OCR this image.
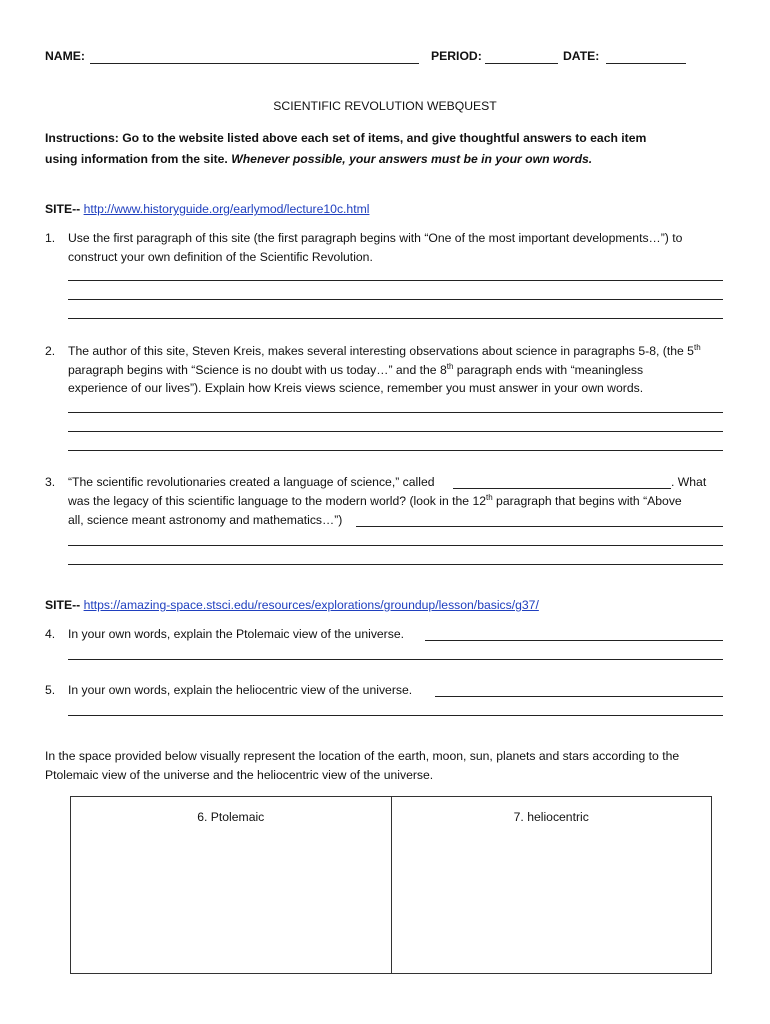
NAME:	PERIOD:	DATE:
SCIENTIFIC REVOLUTION WEBQUEST
Instructions: Go to the website listed above each set of items, and give thoughtful answers to each item
using information from the site. Whenever possible, your answers must be in your own words.
SITE-- http://www.historyguide.org/earlymod/lecture10c.html
1. Use the first paragraph of this site (the first paragraph begins with “One of the most important developments…”) to
construct your own definition of the Scientific Revolution.
2. The author of this site, Steven Kreis, makes several interesting observations about science in paragraphs 5-8, (the 5th
paragraph begins with “Science is no doubt with us today…” and the 8th paragraph ends with “meaningless
experience of our lives”). Explain how Kreis views science, remember you must answer in your own words.
3. “The scientific revolutionaries created a language of science,” called	. What
was the legacy of this scientific language to the modern world? (look in the 12th paragraph that begins with “Above
all, science meant astronomy and mathematics…”)
SITE-- https://amazing-space.stsci.edu/resources/explorations/groundup/lesson/basics/g37/
4. In your own words, explain the Ptolemaic view of the universe.
5. In your own words, explain the heliocentric view of the universe.
In the space provided below visually represent the location of the earth, moon, sun, planets and stars according to the
Ptolemaic view of the universe and the heliocentric view of the universe.
6. Ptolemaic	7. heliocentric
